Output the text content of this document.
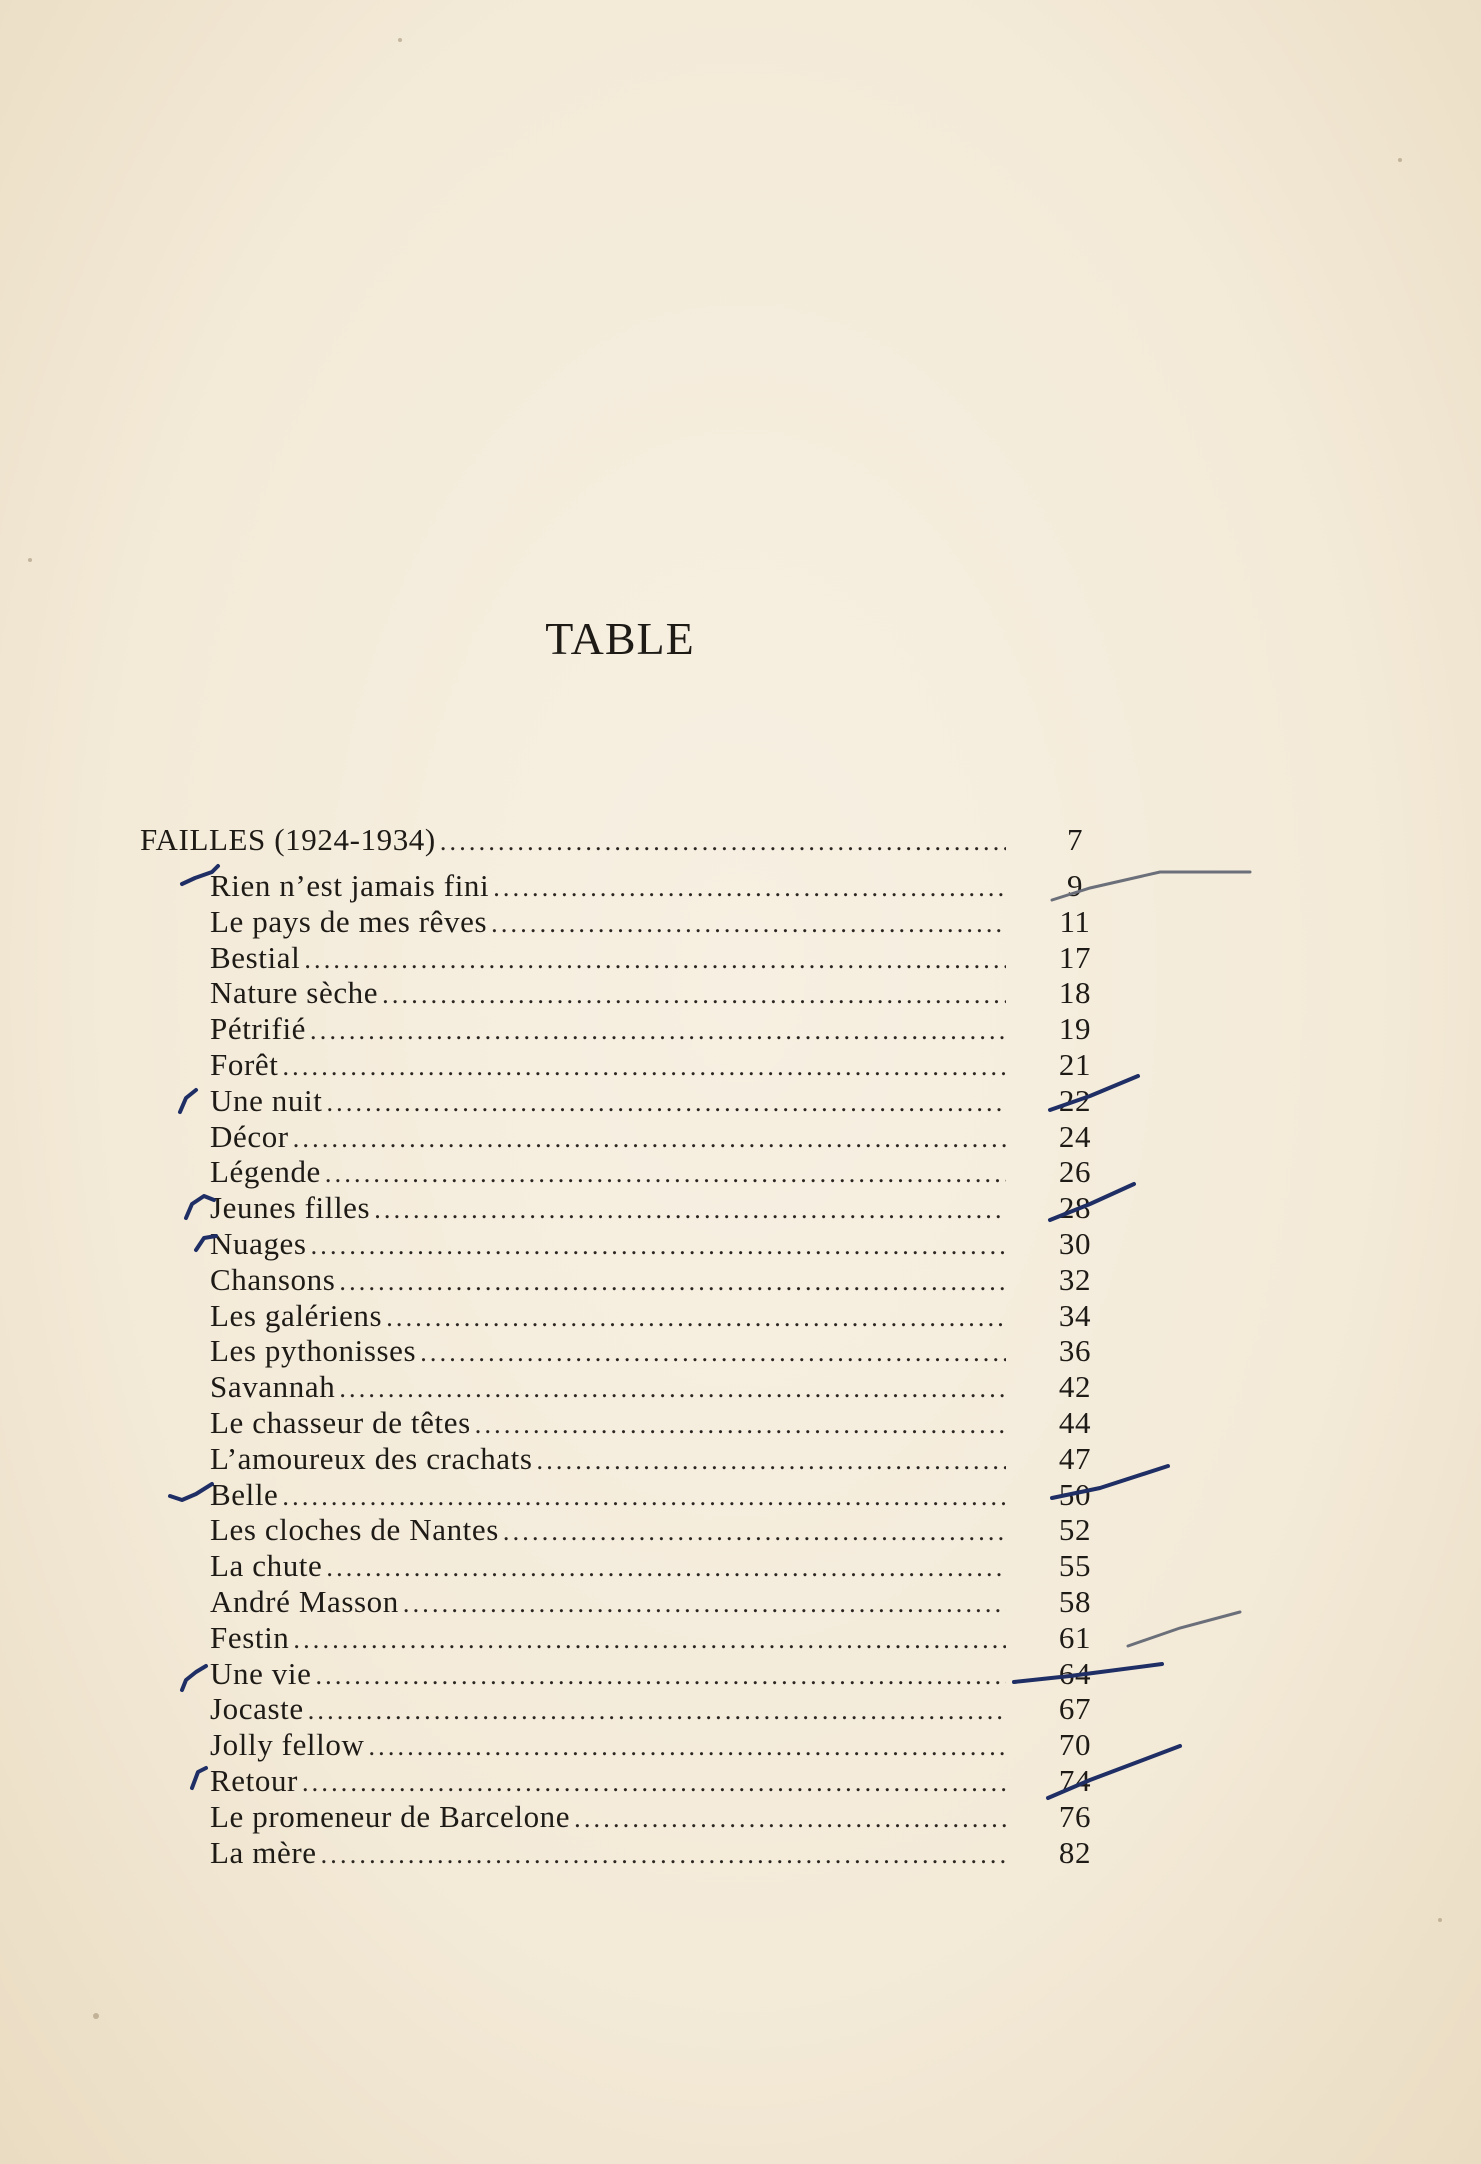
TABLE
FAILLES (1924-1934) .....	7
Rien n’est jamais fini .....	9
Le pays de mes rêves .....	11
Bestial .....	17
Nature sèche .....	18
Pétrifié .....	19
Forêt .....	21
Une nuit .....	22
Décor .....	24
Légende .....	26
Jeunes filles .....	28
Nuages .....	30
Chansons .....	32
Les galériens .....	34
Les pythonisses .....	36
Savannah .....	42
Le chasseur de têtes .....	44
L’amoureux des crachats .....	47
Belle .....	50
Les cloches de Nantes .....	52
La chute .....	55
André Masson .....	58
Festin .....	61
Une vie .....	64
Jocaste .....	67
Jolly fellow .....	70
Retour .....	74
Le promeneur de Barcelone .....	76
La mère .....	82
